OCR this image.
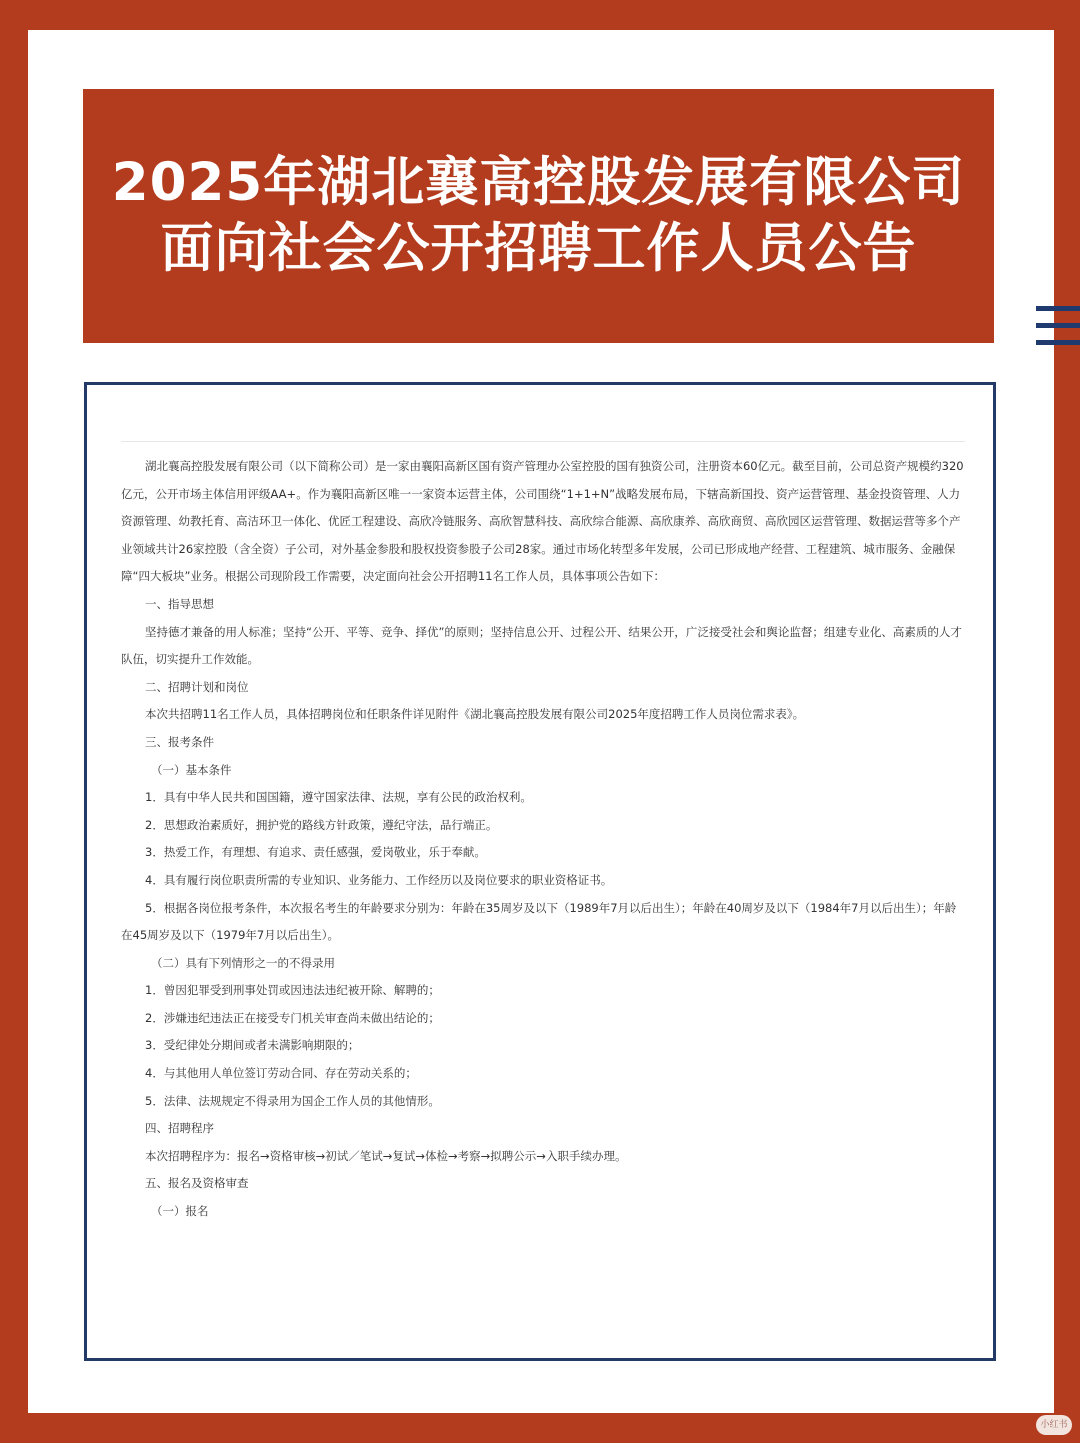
2025年湖北襄高控股发展有限公司
面向社会公开招聘工作人员公告

湖北襄高控股发展有限公司（以下简称公司）是一家由襄阳高新区国有资产管理办公室控股的国有独资公司，注册资本60亿元。截至目前，公司总资产规模约320亿元，公开市场主体信用评级AA+。作为襄阳高新区唯一一家资本运营主体，公司围绕“1+1+N”战略发展布局，下辖高新国投、资产运营管理、基金投资管理、人力资源管理、幼教托育、高洁环卫一体化、优匠工程建设、高欣冷链服务、高欣智慧科技、高欣综合能源、高欣康养、高欣商贸、高欣园区运营管理、数据运营等多个产业领域共计26家控股（含全资）子公司，对外基金参股和股权投资参股子公司28家。通过市场化转型多年发展，公司已形成地产经营、工程建筑、城市服务、金融保障“四大板块”业务。根据公司现阶段工作需要，决定面向社会公开招聘11名工作人员，具体事项公告如下：

一、指导思想

坚持德才兼备的用人标准；坚持“公开、平等、竞争、择优”的原则；坚持信息公开、过程公开、结果公开，广泛接受社会和舆论监督；组建专业化、高素质的人才队伍，切实提升工作效能。

二、招聘计划和岗位

本次共招聘11名工作人员，具体招聘岗位和任职条件详见附件《湖北襄高控股发展有限公司2025年度招聘工作人员岗位需求表》。

三、报考条件

（一）基本条件

1．具有中华人民共和国国籍，遵守国家法律、法规，享有公民的政治权利。

2．思想政治素质好，拥护党的路线方针政策，遵纪守法，品行端正。

3．热爱工作，有理想、有追求、责任感强，爱岗敬业，乐于奉献。

4．具有履行岗位职责所需的专业知识、业务能力、工作经历以及岗位要求的职业资格证书。

5．根据各岗位报考条件，本次报名考生的年龄要求分别为：年龄在35周岁及以下（1989年7月以后出生）；年龄在40周岁及以下（1984年7月以后出生）；年龄在45周岁及以下（1979年7月以后出生）。

（二）具有下列情形之一的不得录用

1．曾因犯罪受到刑事处罚或因违法违纪被开除、解聘的；

2．涉嫌违纪违法正在接受专门机关审查尚未做出结论的；

3．受纪律处分期间或者未满影响期限的；

4．与其他用人单位签订劳动合同、存在劳动关系的；

5．法律、法规规定不得录用为国企工作人员的其他情形。

四、招聘程序

本次招聘程序为：报名→资格审核→初试／笔试→复试→体检→考察→拟聘公示→入职手续办理。

五、报名及资格审查

（一）报名

小红书
